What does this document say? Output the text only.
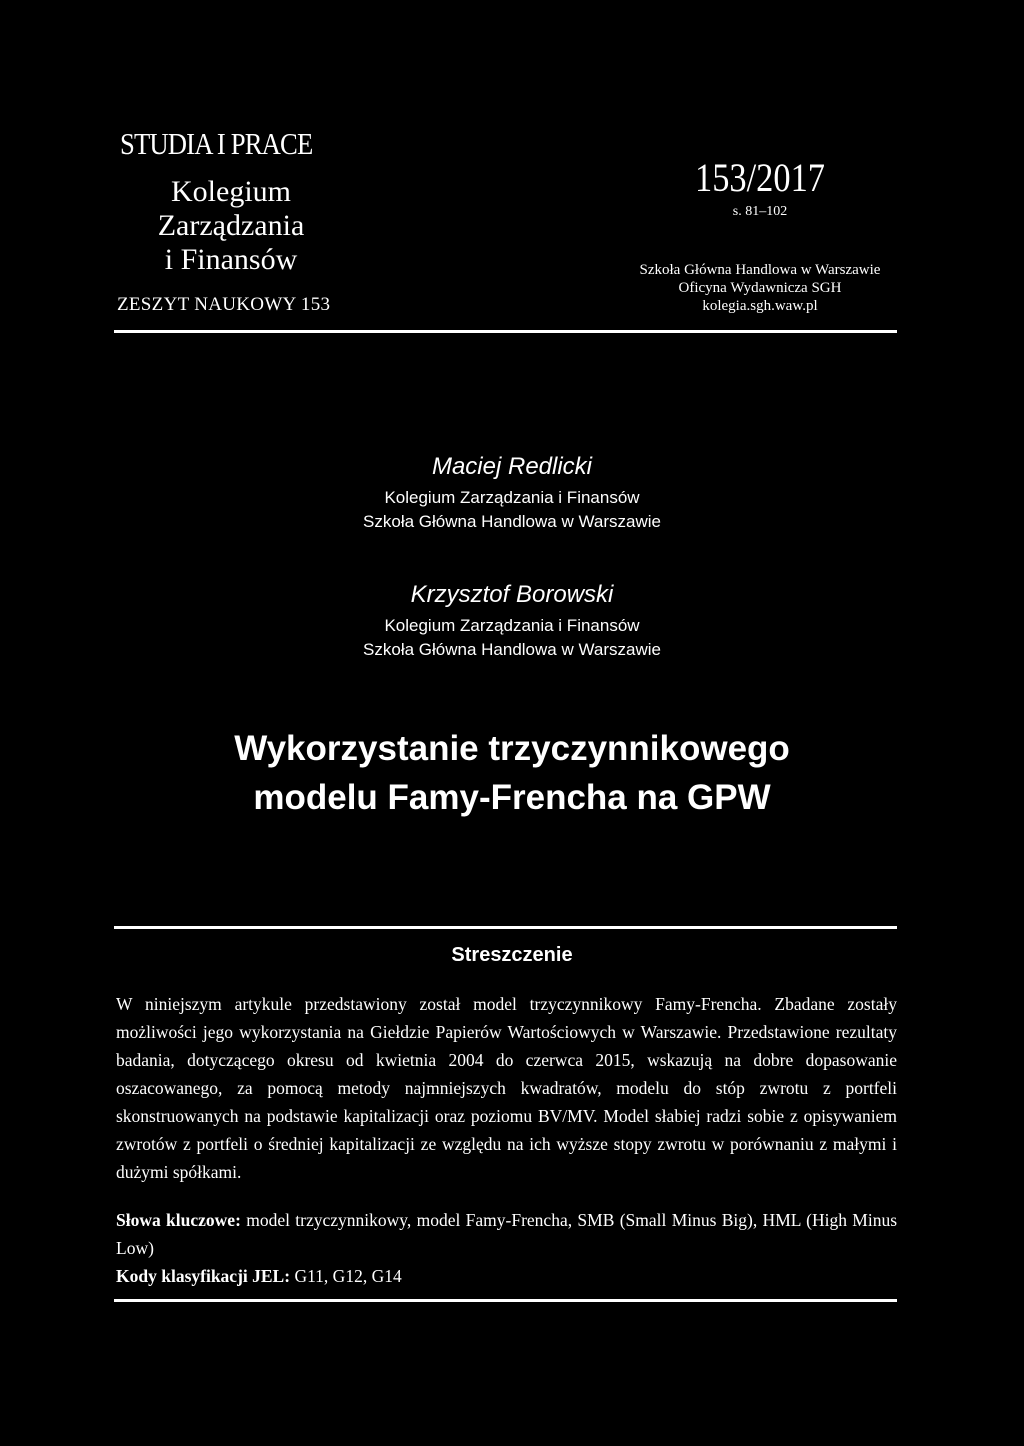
STUDIA I PRACE
Kolegium
Zarządzania
i Finansów
ZESZYT NAUKOWY 153
153/2017
s. 81–102
Szkoła Główna Handlowa w Warszawie
Oficyna Wydawnicza SGH
kolegia.sgh.waw.pl
Maciej Redlicki
Kolegium Zarządzania i Finansów
Szkoła Główna Handlowa w Warszawie
Krzysztof Borowski
Kolegium Zarządzania i Finansów
Szkoła Główna Handlowa w Warszawie
Wykorzystanie trzyczynnikowego
modelu Famy-Frencha na GPW
Streszczenie

W niniejszym artykule przedstawiony został model trzyczynnikowy Famy-Frencha. Zbadane zostały możliwości jego wykorzystania na Giełdzie Papierów Wartościowych w Warszawie. Przedstawione rezultaty badania, dotyczącego okresu od kwietnia 2004 do czerwca 2015, wskazują na dobre dopasowanie oszacowanego, za pomocą metody najmniejszych kwadratów, modelu do stóp zwrotu z portfeli skonstruowanych na podstawie kapitalizacji oraz poziomu BV/MV. Model słabiej radzi sobie z opisywaniem zwrotów z portfeli o średniej kapitalizacji ze względu na ich wyższe stopy zwrotu w porównaniu z małymi i dużymi spółkami.

Słowa kluczowe: model trzyczynnikowy, model Famy-Frencha, SMB (Small Minus Big), HML (High Minus Low)

Kody klasyfikacji JEL: G11, G12, G14
